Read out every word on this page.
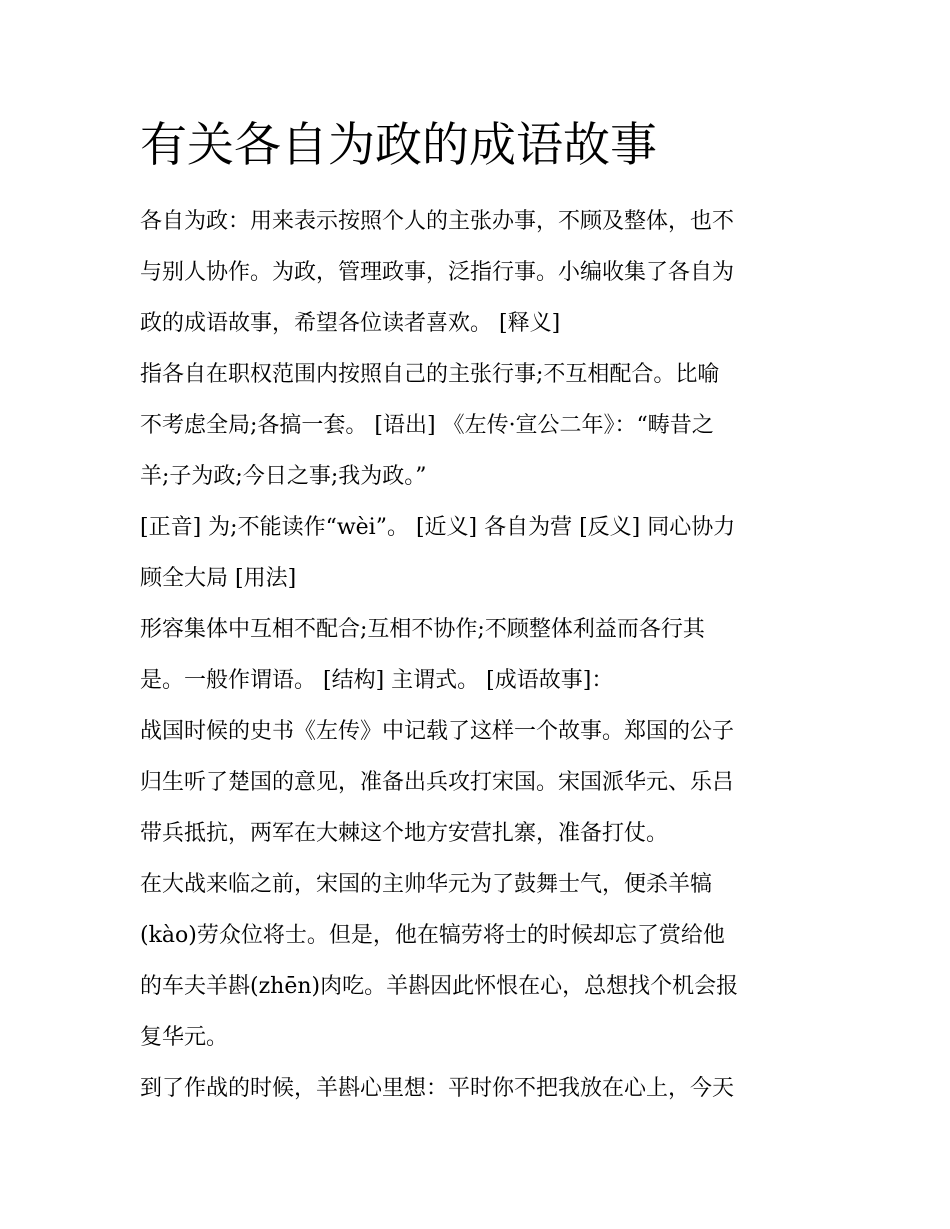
有关各自为政的成语故事
各自为政：用来表示按照个人的主张办事，不顾及整体，也不
与别人协作。为政，管理政事，泛指行事。小编收集了各自为
政的成语故事，希望各位读者喜欢。 [释义]
指各自在职权范围内按照自己的主张行事;不互相配合。比喻
不考虑全局;各搞一套。 [语出] 《左传·宣公二年》：“畴昔之
羊;子为政;今日之事;我为政。”
[正音] 为;不能读作“wèi”。 [近义] 各自为营 [反义] 同心协力
顾全大局 [用法]
形容集体中互相不配合;互相不协作;不顾整体利益而各行其
是。一般作谓语。 [结构] 主谓式。 [成语故事]：
战国时候的史书《左传》中记载了这样一个故事。郑国的公子
归生听了楚国的意见，准备出兵攻打宋国。宋国派华元、乐吕
带兵抵抗，两军在大棘这个地方安营扎寨，准备打仗。
在大战来临之前，宋国的主帅华元为了鼓舞士气，便杀羊犒
(kào)劳众位将士。但是，他在犒劳将士的时候却忘了赏给他
的车夫羊斟(zhēn)肉吃。羊斟因此怀恨在心，总想找个机会报
复华元。
到了作战的时候，羊斟心里想：平时你不把我放在心上，今天
